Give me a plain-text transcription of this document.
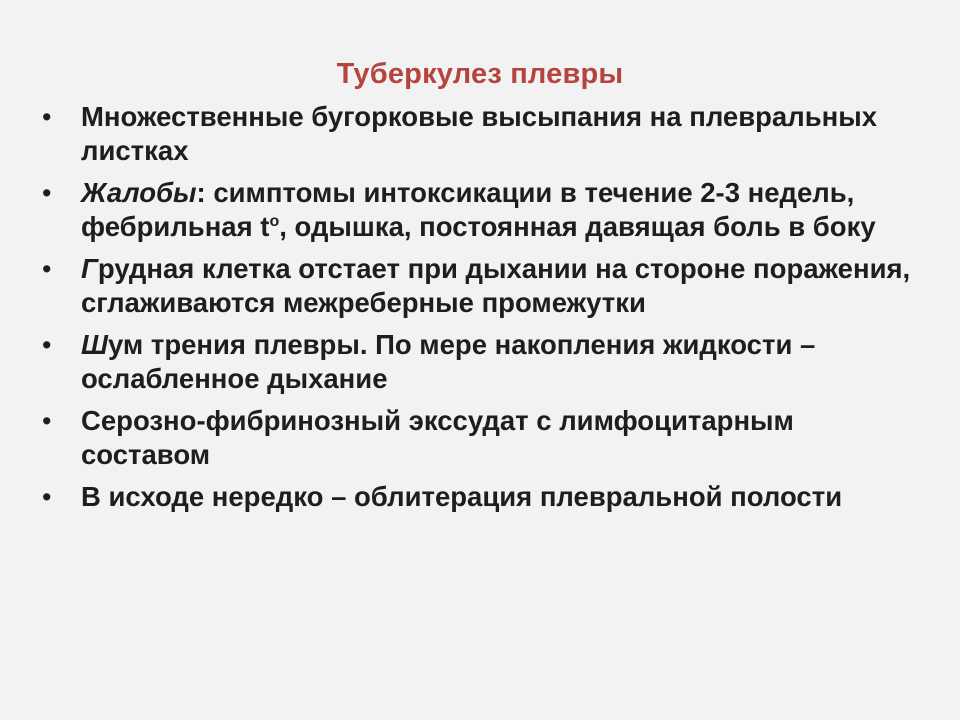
Туберкулез плевры
• Множественные бугорковые высыпания на плевральных листках
• Жалобы: симптомы интоксикации в течение 2-3 недель, фебрильная $t^о$, одышка, постоянная давящая боль в боку
• Грудная клетка отстает при дыхании на стороне поражения, сглаживаются межреберные промежутки
• Шум трения плевры. По мере накопления жидкости – ослабленное дыхание
• Серозно-фибринозный экссудат с лимфоцитарным составом
• В исходе нередко – облитерация плевральной полости
